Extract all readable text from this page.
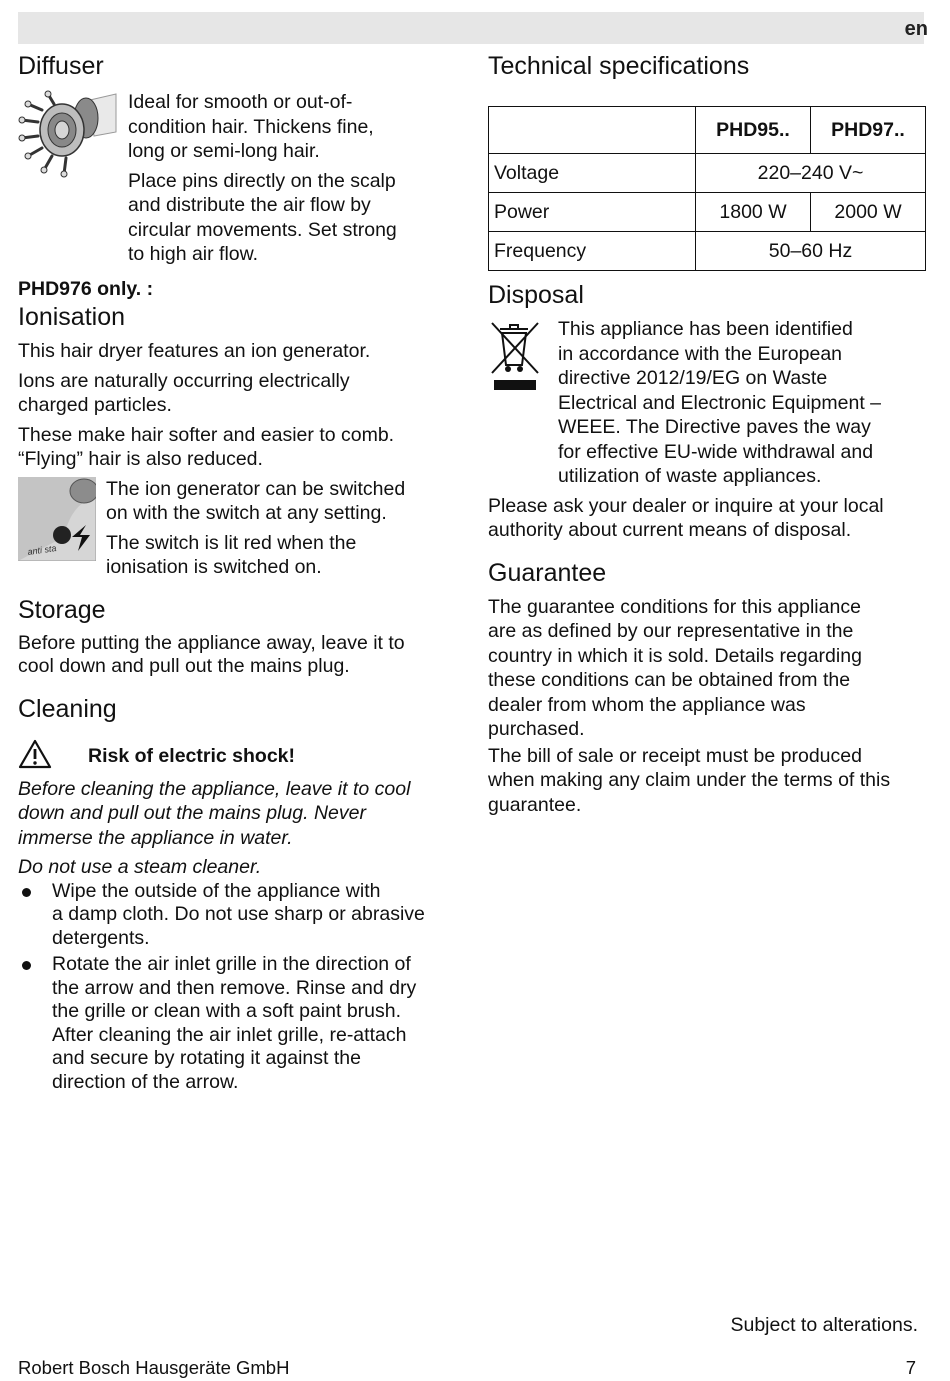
en
Diffuser

Ideal for smooth or out-of-
condition hair. Thickens fine,
long or semi-long hair.

Place pins directly on the scalp
and distribute the air flow by
circular movements. Set strong
to high air flow.

PHD976 only. :

Ionisation

This hair dryer features an ion generator.

Ions are naturally occurring electrically
charged particles.

These make hair softer and easier to comb.
“Flying” hair is also reduced.

anti sta

The ion generator can be switched
on with the switch at any setting.

The switch is lit red when the
ionisation is switched on.

Storage

Before putting the appliance away, leave it to
cool down and pull out the mains plug.

Cleaning

Risk of electric shock!

Before cleaning the appliance, leave it to cool
down and pull out the mains plug. Never
immerse the appliance in water.

Do not use a steam cleaner.

Wipe the outside of the appliance with
a damp cloth. Do not use sharp or abrasive
detergents.
Rotate the air inlet grille in the direction of
the arrow and then remove. Rinse and dry
the grille or clean with a soft paint brush.
After cleaning the air inlet grille, re-attach
and secure by rotating it against the
direction of the arrow.
Technical specifications
	PHD95..	PHD97..
Voltage	220–240 V~	
Power	1800 W	2000 W
Frequency	50–60 Hz	
Disposal

This appliance has been identified
in accordance with the European
directive 2012/19/EG on Waste
Electrical and Electronic Equipment –
WEEE. The Directive paves the way
for effective EU-wide withdrawal and
utilization of waste appliances.

Please ask your dealer or inquire at your local
authority about current means of disposal.

Guarantee

The guarantee conditions for this appliance
are as defined by our representative in the
country in which it is sold. Details regarding
these conditions can be obtained from the
dealer from whom the appliance was
purchased.

The bill of sale or receipt must be produced
when making any claim under the terms of this
guarantee.

Subject to alterations.
Robert Bosch Hausgeräte GmbH	7
